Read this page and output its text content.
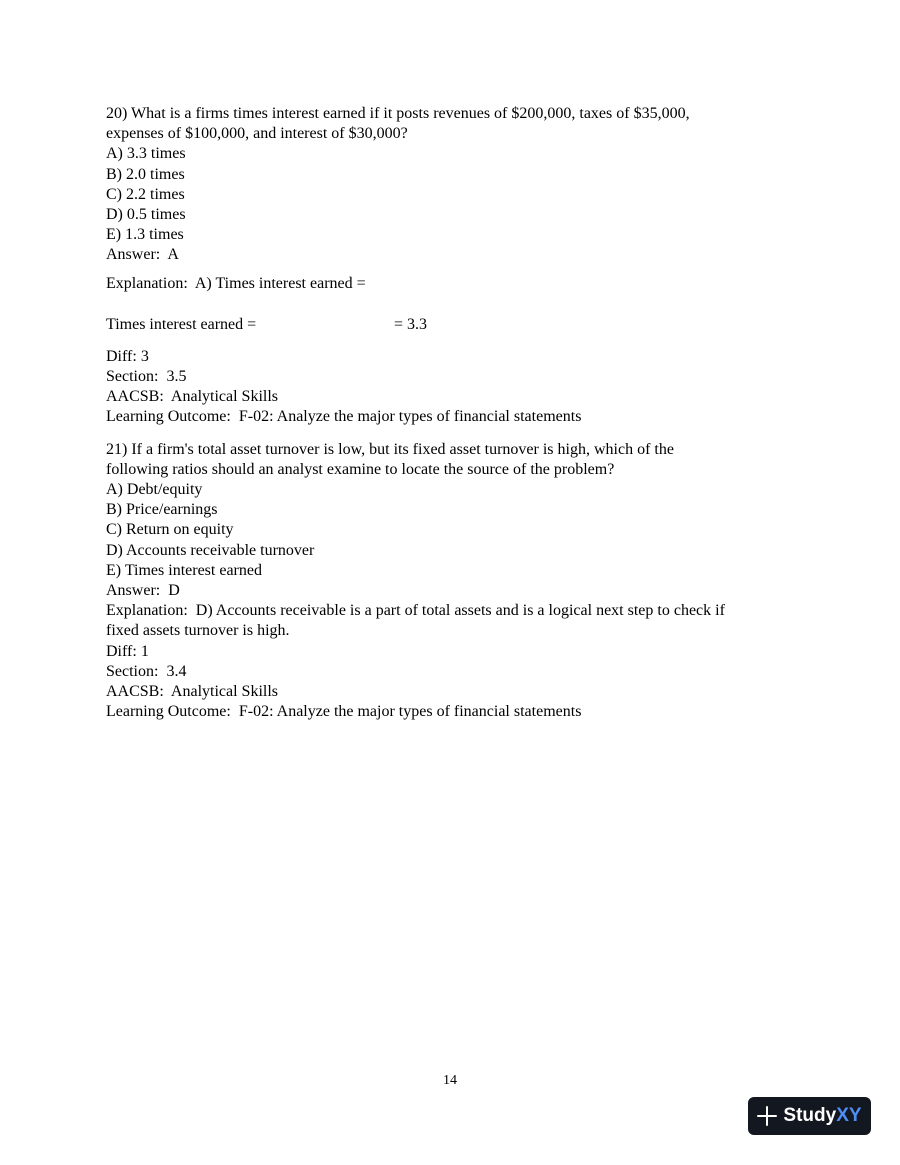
20) What is a firms times interest earned if it posts revenues of $200,000, taxes of $35,000,
expenses of $100,000, and interest of $30,000?
A) 3.3 times
B) 2.0 times
C) 2.2 times
D) 0.5 times
E) 1.3 times
Answer:  A
Explanation:  A) Times interest earned =
Times interest earned =	= 3.3
Diff: 3
Section:  3.5
AACSB:  Analytical Skills
Learning Outcome:  F-02: Analyze the major types of financial statements
21) If a firm's total asset turnover is low, but its fixed asset turnover is high, which of the
following ratios should an analyst examine to locate the source of the problem?
A) Debt/equity
B) Price/earnings
C) Return on equity
D) Accounts receivable turnover
E) Times interest earned
Answer:  D
Explanation:  D) Accounts receivable is a part of total assets and is a logical next step to check if
fixed assets turnover is high.
Diff: 1
Section:  3.4
AACSB:  Analytical Skills
Learning Outcome:  F-02: Analyze the major types of financial statements
14
StudyXY
